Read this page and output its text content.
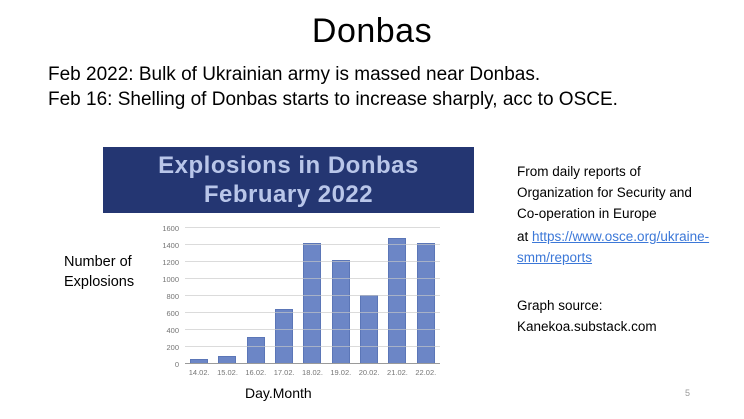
Donbas
Feb 2022: Bulk of Ukrainian army is massed near Donbas.
Feb 16: Shelling of Donbas starts to increase sharply, acc to OSCE.
Explosions in Donbas
February 2022
Number of
Explosions
0
200
400
600
800
1000
1200
1400
1600
14.02. 15.02. 16.02. 17.02. 18.02. 19.02. 20.02. 21.02. 22.02.
Day.Month
From daily reports of
Organization for Security and
Co-operation in Europe
at https://www.osce.org/ukraine-smm/reports
Graph source:
Kanekoa.substack.com
5
